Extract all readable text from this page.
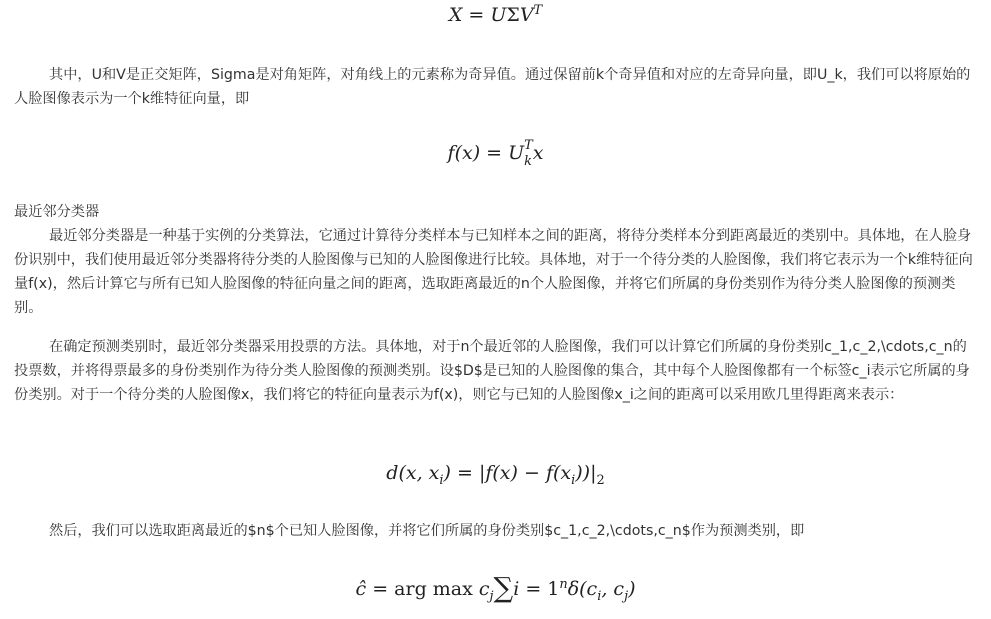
$X = U\Sigma V^T$

其中，U和V是正交矩阵，Sigma是对角矩阵，对角线上的元素称为奇异值。通过保留前k个奇异值和对应的左奇异向量，即U_k，我们可以将原始的人脸图像表示为一个k维特征向量，即

f(x) = U T
k x

最近邻分类器

最近邻分类器是一种基于实例的分类算法，它通过计算待分类样本与已知样本之间的距离，将待分类样本分到距离最近的类别中。具体地，在人脸身份识别中，我们使用最近邻分类器将待分类的人脸图像与已知的人脸图像进行比较。具体地，对于一个待分类的人脸图像，我们将它表示为一个k维特征向量f(x)，然后计算它与所有已知人脸图像的特征向量之间的距离，选取距离最近的n个人脸图像，并将它们所属的身份类别作为待分类人脸图像的预测类别。

在确定预测类别时，最近邻分类器采用投票的方法。具体地，对于n个最近邻的人脸图像，我们可以计算它们所属的身份类别c_1,c_2,\cdots,c_n的投票数，并将得票最多的身份类别作为待分类人脸图像的预测类别。设$D$是已知的人脸图像的集合，其中每个人脸图像都有一个标签c_i表示它所属的身份类别。对于一个待分类的人脸图像x，我们将它的特征向量表示为f(x)，则它与已知的人脸图像x_i之间的距离可以采用欧几里得距离来表示：

d(x, $x_i) = |f(x) - f(x_i))|_2$

然后，我们可以选取距离最近的$n$个已知人脸图像，并将它们所属的身份类别$c_1,c_2,\cdots,c_n$作为预测类别，即

ĉ = arg $\max c_j\sum i = 1^n\delta(c_i$, $c_j$)
